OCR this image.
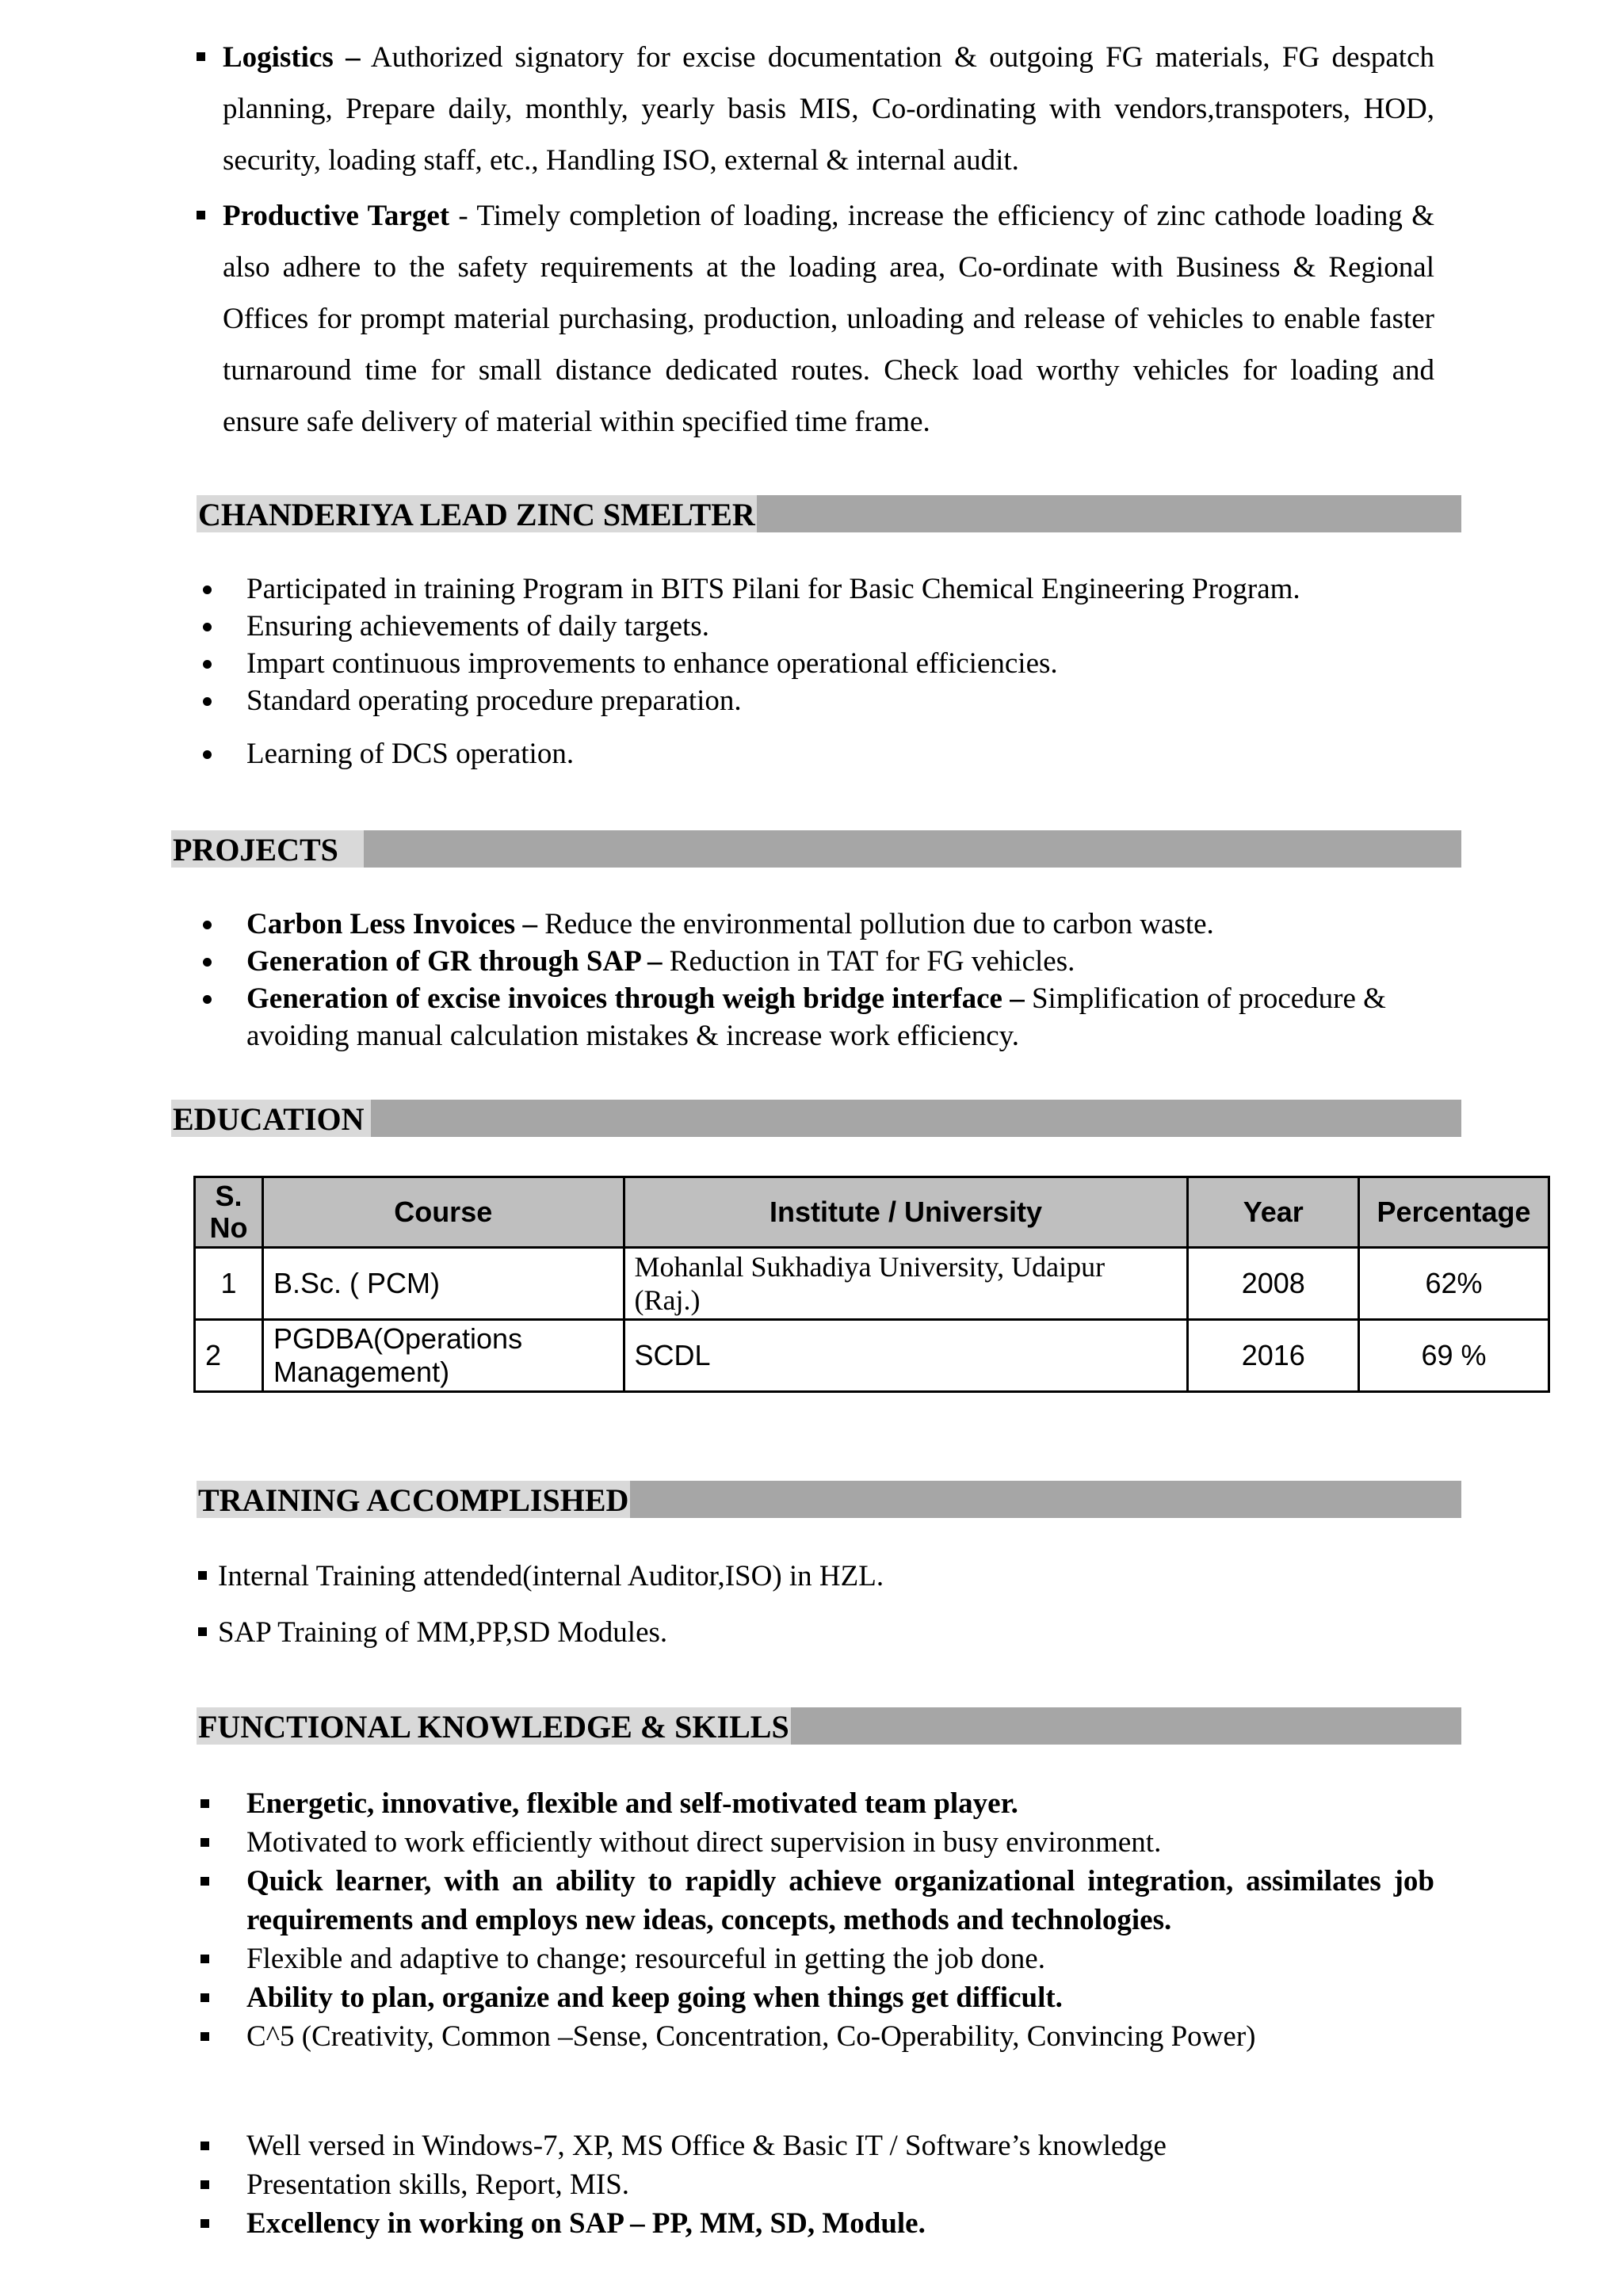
Logistics – Authorized signatory for excise documentation & outgoing FG materials, FG despatch planning, Prepare daily, monthly, yearly basis MIS, Co-ordinating with vendors,transpoters, HOD, security, loading staff, etc., Handling ISO, external & internal audit.
Productive Target - Timely completion of loading, increase the efficiency of zinc cathode loading & also adhere to the safety requirements at the loading area, Co-ordinate with Business & Regional Offices for prompt material purchasing, production, unloading and release of vehicles to enable faster turnaround time for small distance dedicated routes. Check load worthy vehicles for loading and ensure safe delivery of material within specified time frame.
CHANDERIYA LEAD ZINC SMELTER
Participated in training Program in BITS Pilani for Basic Chemical Engineering Program.
Ensuring achievements of daily targets.
Impart continuous improvements to enhance operational efficiencies.
Standard operating procedure preparation.
Learning of DCS operation.
PROJECTS
Carbon Less Invoices – Reduce the environmental pollution due to carbon waste.
Generation of GR through SAP – Reduction in TAT for FG vehicles.
Generation of excise invoices through weigh bridge interface – Simplification of procedure & avoiding manual calculation mistakes & increase work efficiency.
EDUCATION
S. No	Course	Institute / University	Year	Percentage
1	B.Sc. ( PCM)	Mohanlal Sukhadiya University, Udaipur (Raj.)	2008	62%
2	PGDBA(Operations Management)	SCDL	2016	69 %
TRAINING ACCOMPLISHED
Internal Training attended(internal Auditor,ISO) in HZL.
SAP Training of MM,PP,SD Modules.
FUNCTIONAL KNOWLEDGE & SKILLS
Energetic, innovative, flexible and self-motivated team player.
Motivated to work efficiently without direct supervision in busy environment.
Quick learner, with an ability to rapidly achieve organizational integration, assimilates job requirements and employs new ideas, concepts, methods and technologies.
Flexible and adaptive to change; resourceful in getting the job done.
Ability to plan, organize and keep going when things get difficult.
C^5 (Creativity, Common –Sense, Concentration, Co-Operability, Convincing Power)
Well versed in Windows-7, XP, MS Office & Basic IT / Software’s knowledge
Presentation skills, Report, MIS.
Excellency in working on SAP – PP, MM, SD, Module.
